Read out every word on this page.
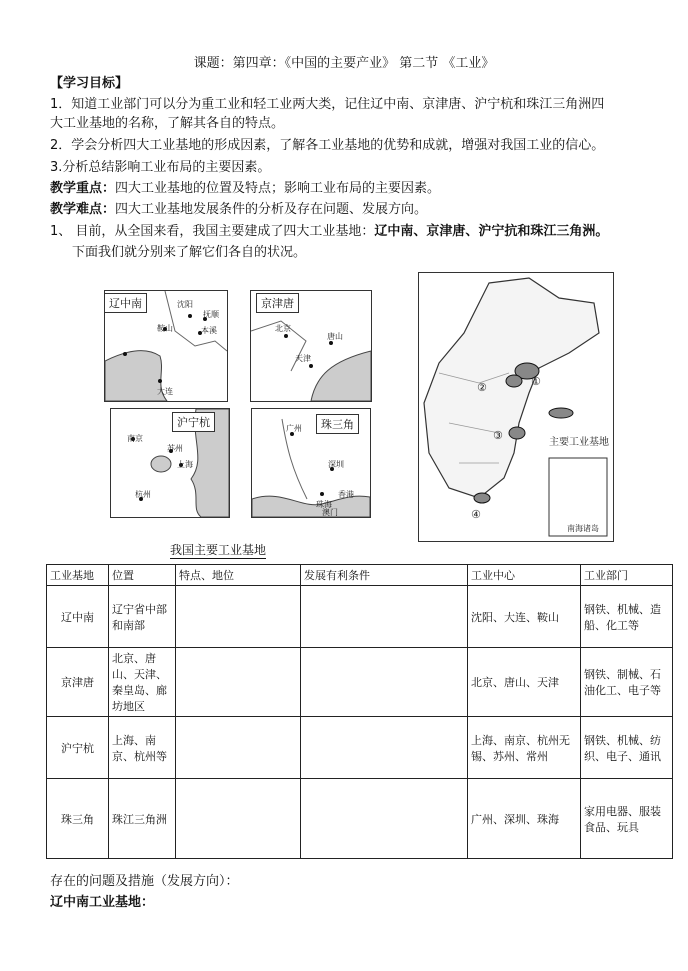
课题：第四章：《中国的主要产业》 第二节 《工业》
【学习目标】
1．知道工业部门可以分为重工业和轻工业两大类，记住辽中南、京津唐、沪宁杭和珠江三角洲四
大工业基地的名称，了解其各自的特点。
2．学会分析四大工业基地的形成因素，了解各工业基地的优势和成就，增强对我国工业的信心。
3.分析总结影响工业布局的主要因素。
教学重点：四大工业基地的位置及特点；影响工业布局的主要因素。
教学难点：四大工业基地发展条件的分析及存在问题、发展方向。
1、 目前，从全国来看，我国主要建成了四大工业基地：辽中南、京津唐、沪宁抗和珠江三角洲。
下面我们就分别来了解它们各自的状况。
沈阳
抚顺
本溪
鞍山
大连
辽中南
北京
唐山
天津
京津唐
南京
苏州
上海
杭州
沪宁杭	广州
深圳
珠海
香港
澳门
珠三角
①
②
③
④
主要工业基地
南海诸岛
我国主要工业基地
工业基地	位置	特点、地位	发展有利条件	工业中心	工业部门
辽中南	辽宁省中部和南部			沈阳、大连、鞍山	钢铁、机械、造船、化工等
京津唐	北京、唐山、天津、秦皇岛、廊坊地区			北京、唐山、天津	钢铁、制械、石油化工、电子等
沪宁杭	上海、南京、杭州等			上海、南京、杭州无锡、苏州、常州	钢铁、机械、纺织、电子、通讯
珠三角	珠江三角洲			广州、深圳、珠海	家用电器、服装食品、玩具
存在的问题及措施（发展方向）：
辽中南工业基地：
